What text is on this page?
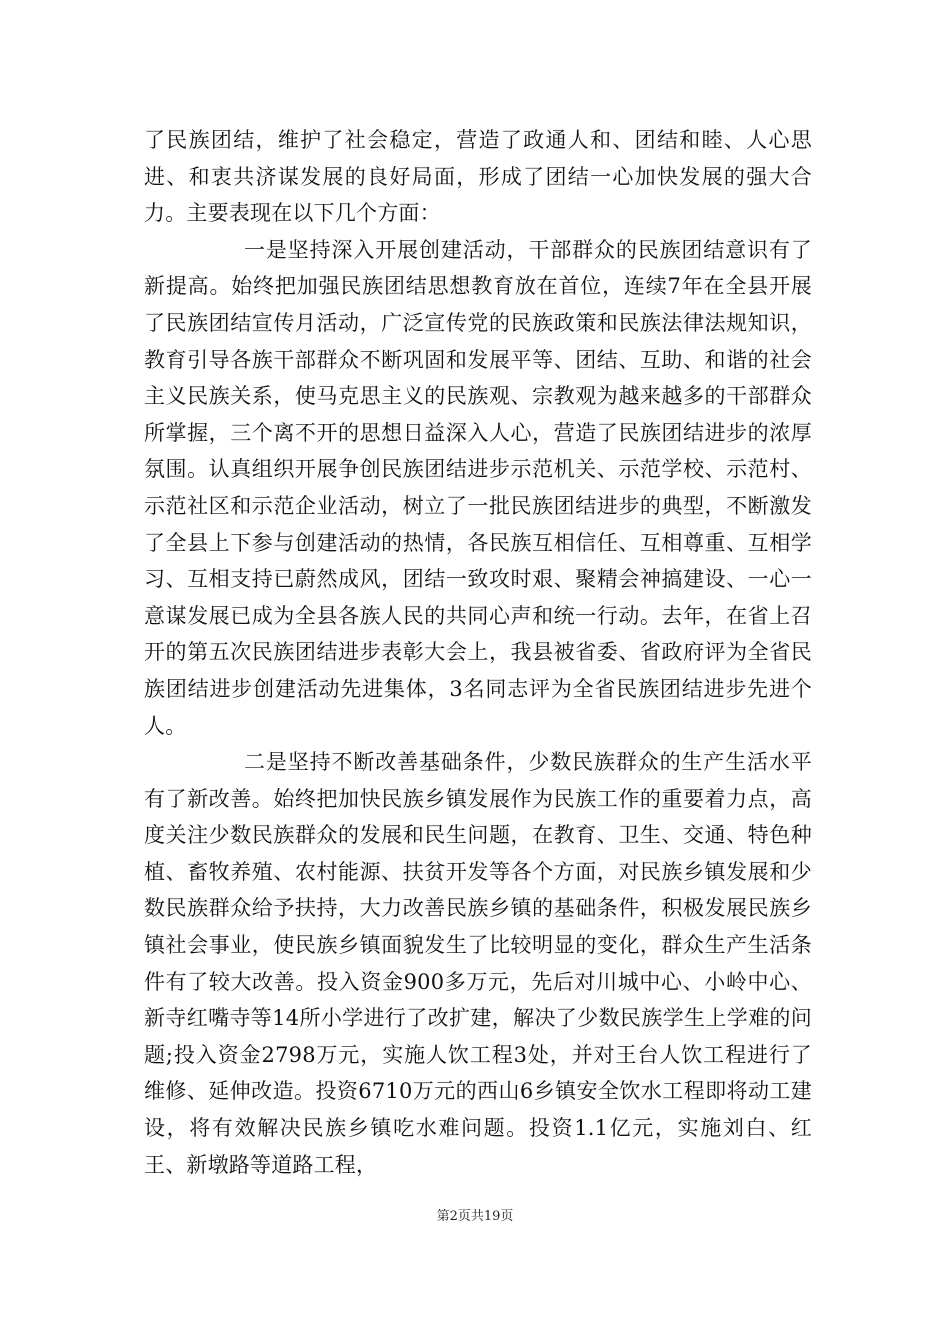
了民族团结，维护了社会稳定，营造了政通人和、团结和睦、人心思进、和衷共济谋发展的良好局面，形成了团结一心加快发展的强大合力。主要表现在以下几个方面：

一是坚持深入开展创建活动，干部群众的民族团结意识有了新提高。始终把加强民族团结思想教育放在首位，连续7年在全县开展了民族团结宣传月活动，广泛宣传党的民族政策和民族法律法规知识，教育引导各族干部群众不断巩固和发展平等、团结、互助、和谐的社会主义民族关系，使马克思主义的民族观、宗教观为越来越多的干部群众所掌握，三个离不开的思想日益深入人心，营造了民族团结进步的浓厚氛围。认真组织开展争创民族团结进步示范机关、示范学校、示范村、示范社区和示范企业活动，树立了一批民族团结进步的典型，不断激发了全县上下参与创建活动的热情，各民族互相信任、互相尊重、互相学习、互相支持已蔚然成风，团结一致攻时艰、聚精会神搞建设、一心一意谋发展已成为全县各族人民的共同心声和统一行动。去年，在省上召开的第五次民族团结进步表彰大会上，我县被省委、省政府评为全省民族团结进步创建活动先进集体，3名同志评为全省民族团结进步先进个人。

二是坚持不断改善基础条件，少数民族群众的生产生活水平有了新改善。始终把加快民族乡镇发展作为民族工作的重要着力点，高度关注少数民族群众的发展和民生问题，在教育、卫生、交通、特色种植、畜牧养殖、农村能源、扶贫开发等各个方面，对民族乡镇发展和少数民族群众给予扶持，大力改善民族乡镇的基础条件，积极发展民族乡镇社会事业，使民族乡镇面貌发生了比较明显的变化，群众生产生活条件有了较大改善。投入资金900多万元，先后对川城中心、小岭中心、新寺红嘴寺等14所小学进行了改扩建，解决了少数民族学生上学难的问题;投入资金2798万元，实施人饮工程3处，并对王台人饮工程进行了维修、延伸改造。投资6710万元的西山6乡镇安全饮水工程即将动工建设，将有效解决民族乡镇吃水难问题。投资1.1亿元，实施刘白、红王、新墩路等道路工程，

第2页共19页
